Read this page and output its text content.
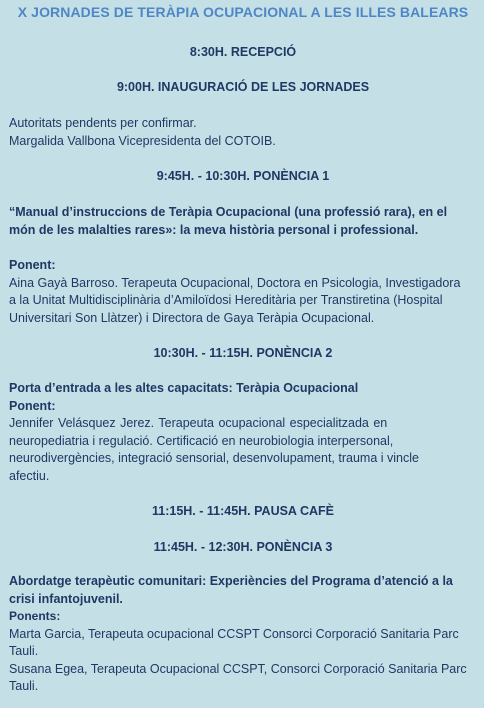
X JORNADES DE TERÀPIA OCUPACIONAL A LES ILLES BALEARS
8:30H. RECEPCIÓ
9:00H. INAUGURACIÓ DE LES JORNADES
Autoritats pendents per confirmar.
Margalida Vallbona Vicepresidenta del COTOIB.
9:45H. - 10:30H. PONÈNCIA 1
“Manual d’instruccions de Teràpia Ocupacional (una professió rara), en el
món de les malalties rares»: la meva història personal i professional.
Ponent:
Aina Gayà Barroso. Terapeuta Ocupacional, Doctora en Psicologia, Investigadora
a la Unitat Multidisciplinària d’Amiloïdosi Hereditària per Transtiretina (Hospital
Universitari Son Llàtzer) i Directora de Gaya Teràpia Ocupacional.
10:30H. - 11:15H. PONÈNCIA 2
Porta d’entrada a les altes capacitats: Teràpia Ocupacional
Ponent:
Jennifer Velásquez Jerez. Terapeuta ocupacional especialitzada en
neuropediatria i regulació. Certificació en neurobiologia interpersonal,
neurodivergències, integració sensorial, desenvolupament, trauma i vincle
afectiu.
11:15H. - 11:45H. PAUSA CAFÈ
11:45H. - 12:30H. PONÈNCIA 3
Abordatge terapèutic comunitari: Experiències del Programa d’atenció a la
crisi infantojuvenil.
Ponents:
Marta Garcia, Terapeuta ocupacional CCSPT Consorci Corporació Sanitaria Parc
Tauli.
Susana Egea, Terapeuta Ocupacional CCSPT, Consorci Corporació Sanitaria Parc
Tauli.
